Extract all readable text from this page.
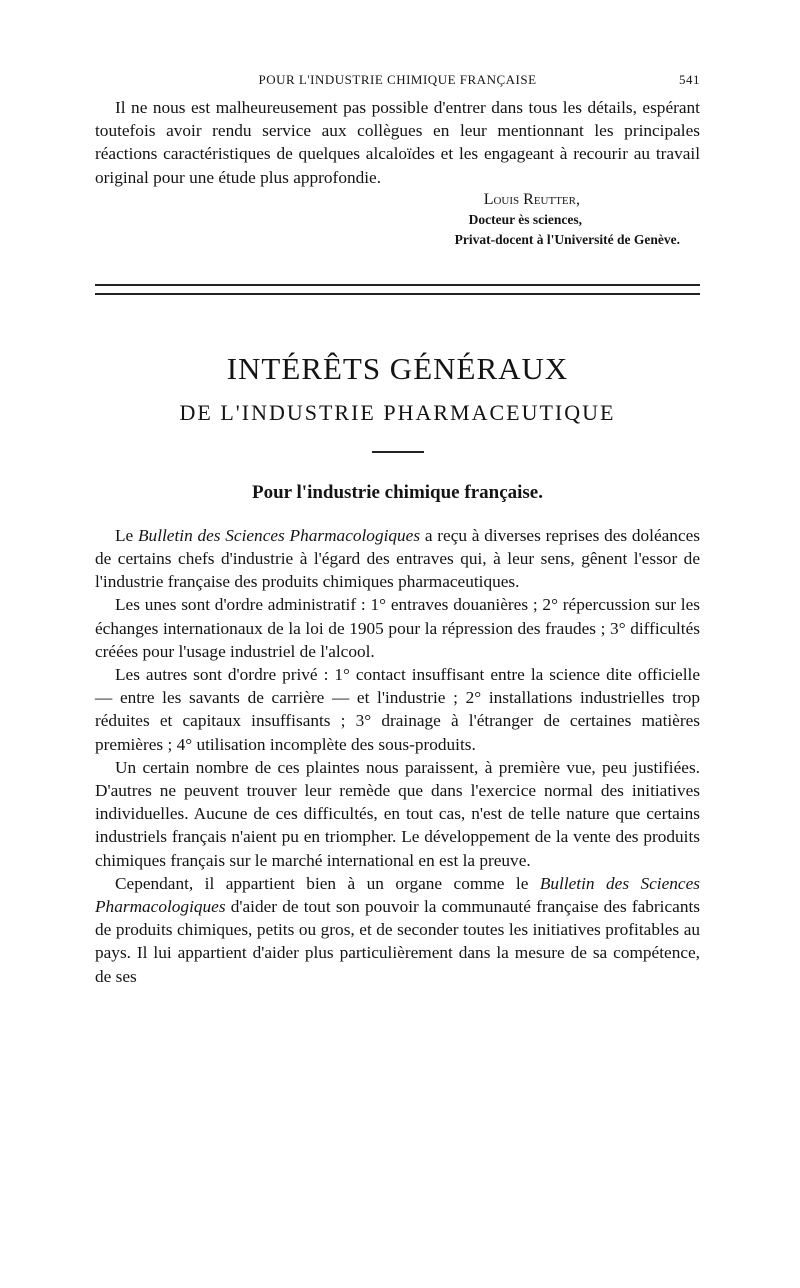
POUR L'INDUSTRIE CHIMIQUE FRANÇAISE	541

Il ne nous est malheureusement pas possible d'entrer dans tous les détails, espérant toutefois avoir rendu service aux collègues en leur mentionnant les principales réactions caractéristiques de quelques alcaloïdes et les engageant à recourir au travail original pour une étude plus approfondie.

Louis Reutter,
Docteur ès sciences,
Privat-docent à l'Université de Genève.
INTÉRÊTS GÉNÉRAUX
DE L'INDUSTRIE PHARMACEUTIQUE
Pour l'industrie chimique française.

Le Bulletin des Sciences Pharmacologiques a reçu à diverses reprises des doléances de certains chefs d'industrie à l'égard des entraves qui, à leur sens, gênent l'essor de l'industrie française des produits chimiques pharmaceutiques.

Les unes sont d'ordre administratif : 1° entraves douanières ; 2° répercussion sur les échanges internationaux de la loi de 1905 pour la répression des fraudes ; 3° difficultés créées pour l'usage industriel de l'alcool.

Les autres sont d'ordre privé : 1° contact insuffisant entre la science dite officielle — entre les savants de carrière — et l'industrie ; 2° installations industrielles trop réduites et capitaux insuffisants ; 3° drainage à l'étranger de certaines matières premières ; 4° utilisation incomplète des sous-produits.

Un certain nombre de ces plaintes nous paraissent, à première vue, peu justifiées. D'autres ne peuvent trouver leur remède que dans l'exercice normal des initiatives individuelles. Aucune de ces difficultés, en tout cas, n'est de telle nature que certains industriels français n'aient pu en triompher. Le développement de la vente des produits chimiques français sur le marché international en est la preuve.

Cependant, il appartient bien à un organe comme le Bulletin des Sciences Pharmacologiques d'aider de tout son pouvoir la communauté française des fabricants de produits chimiques, petits ou gros, et de seconder toutes les initiatives profitables au pays. Il lui appartient d'aider plus particulièrement dans la mesure de sa compétence, de ses
